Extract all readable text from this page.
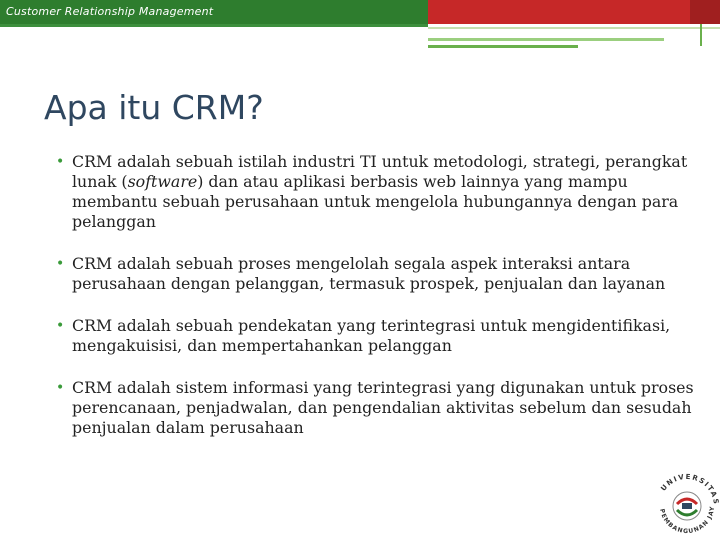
Customer Relationship Management
Apa itu CRM?
• CRM adalah sebuah istilah industri TI untuk metodologi, strategi, perangkat lunak (software) dan atau aplikasi berbasis web lainnya yang mampu membantu sebuah perusahaan untuk mengelola hubungannya dengan para pelanggan
• CRM adalah sebuah proses mengelolah segala aspek interaksi antara perusahaan dengan pelanggan, termasuk prospek, penjualan dan layanan
• CRM adalah sebuah pendekatan yang terintegrasi untuk mengidentifikasi, mengakuisisi, dan mempertahankan pelanggan
• CRM adalah sistem informasi yang terintegrasi yang digunakan untuk proses perencanaan, penjadwalan, dan pengendalian aktivitas sebelum dan sesudah penjualan dalam perusahaan
UNIVERSITAS
PEMBANGUNAN JAY
